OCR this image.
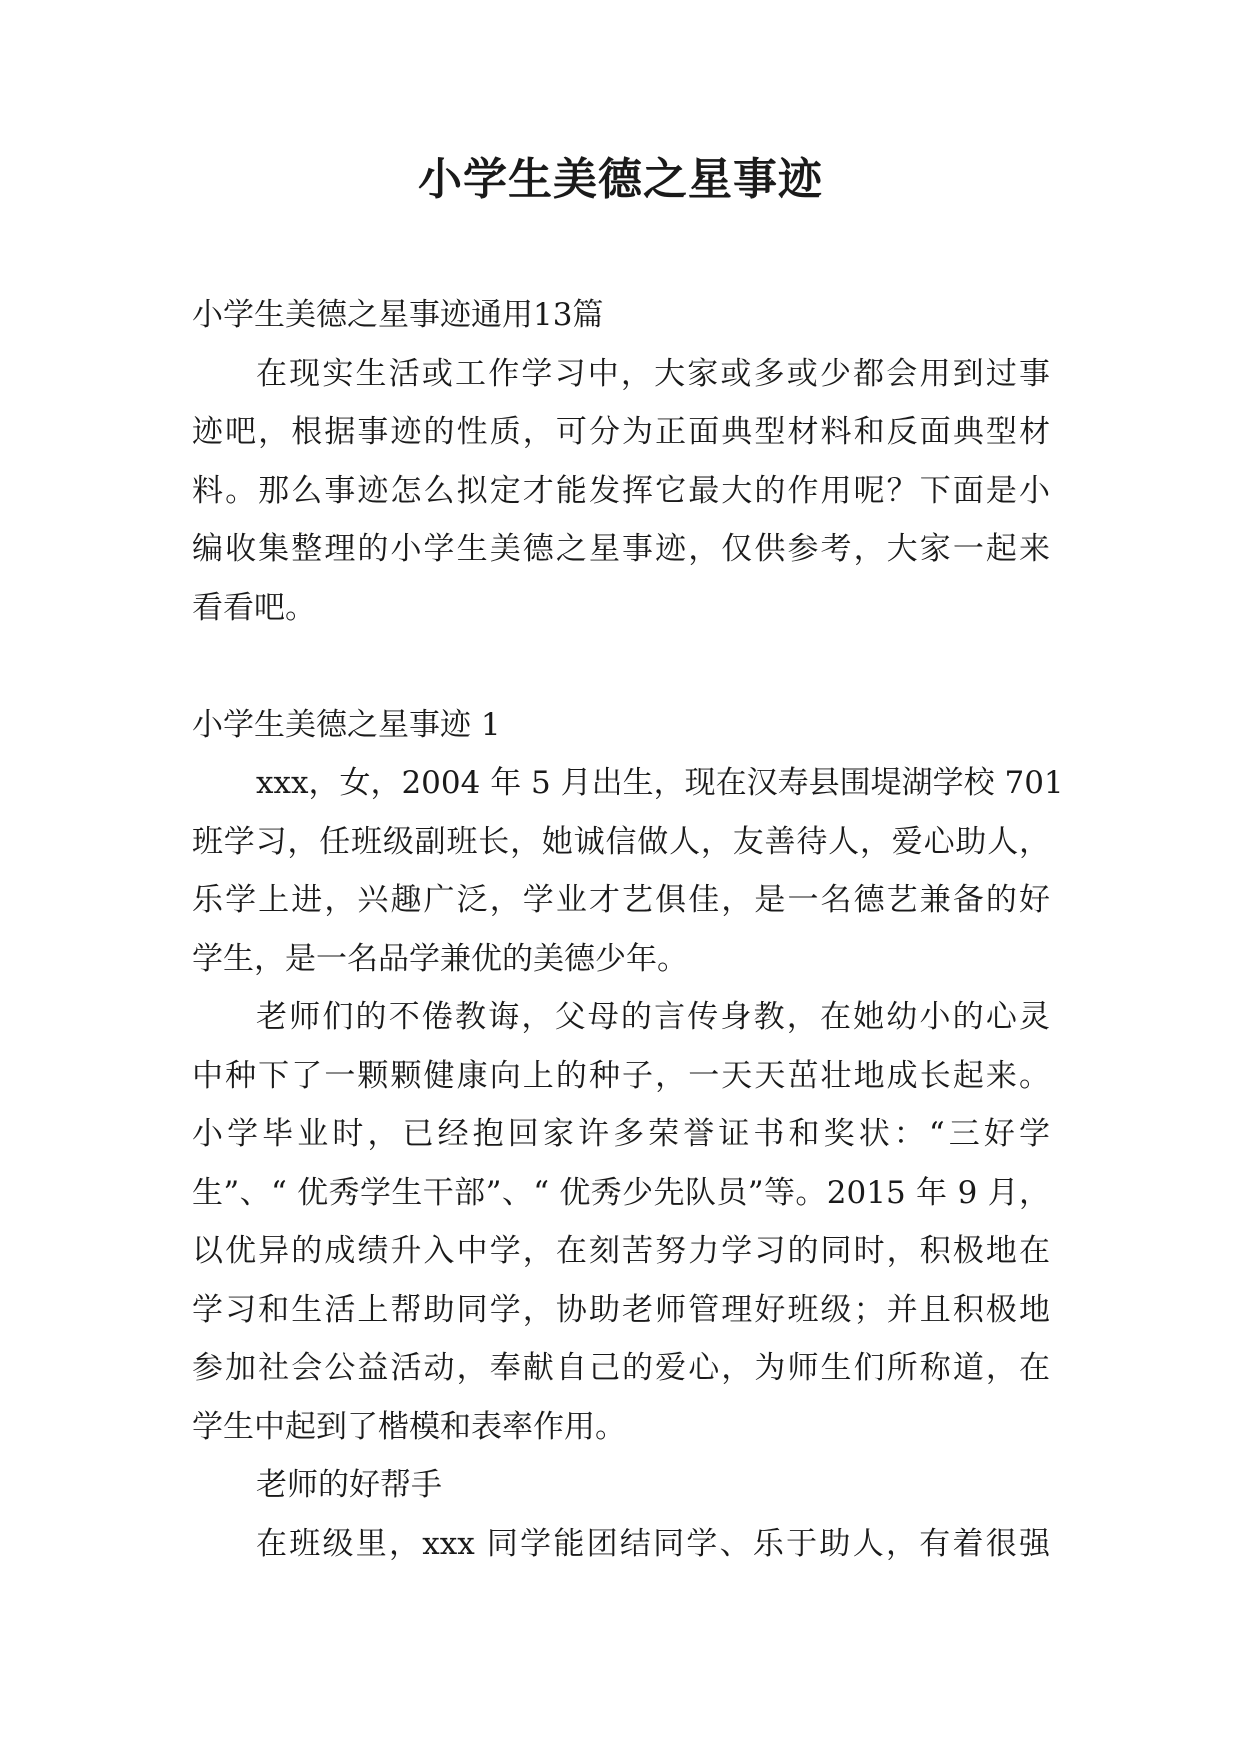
小学生美德之星事迹

小学生美德之星事迹通用13篇

在现实生活或工作学习中，大家或多或少都会用到过事

迹吧，根据事迹的性质，可分为正面典型材料和反面典型材

料。那么事迹怎么拟定才能发挥它最大的作用呢？下面是小

编收集整理的小学生美德之星事迹，仅供参考，大家一起来

看看吧。

小学生美德之星事迹 1

xxx，女，2004 年 5 月出生，现在汉寿县围堤湖学校 701

班学习，任班级副班长，她诚信做人，友善待人，爱心助人，

乐学上进，兴趣广泛，学业才艺俱佳，是一名德艺兼备的好

学生，是一名品学兼优的美德少年。

老师们的不倦教诲，父母的言传身教，在她幼小的心灵

中种下了一颗颗健康向上的种子，一天天茁壮地成长起来。

小学毕业时，已经抱回家许多荣誉证书和奖状：“三好学

生”、“ 优秀学生干部”、“ 优秀少先队员”等。2015 年 9 月，

以优异的成绩升入中学，在刻苦努力学习的同时，积极地在

学习和生活上帮助同学，协助老师管理好班级；并且积极地

参加社会公益活动，奉献自己的爱心，为师生们所称道，在

学生中起到了楷模和表率作用。

老师的好帮手

在班级里，xxx 同学能团结同学、乐于助人，有着很强
